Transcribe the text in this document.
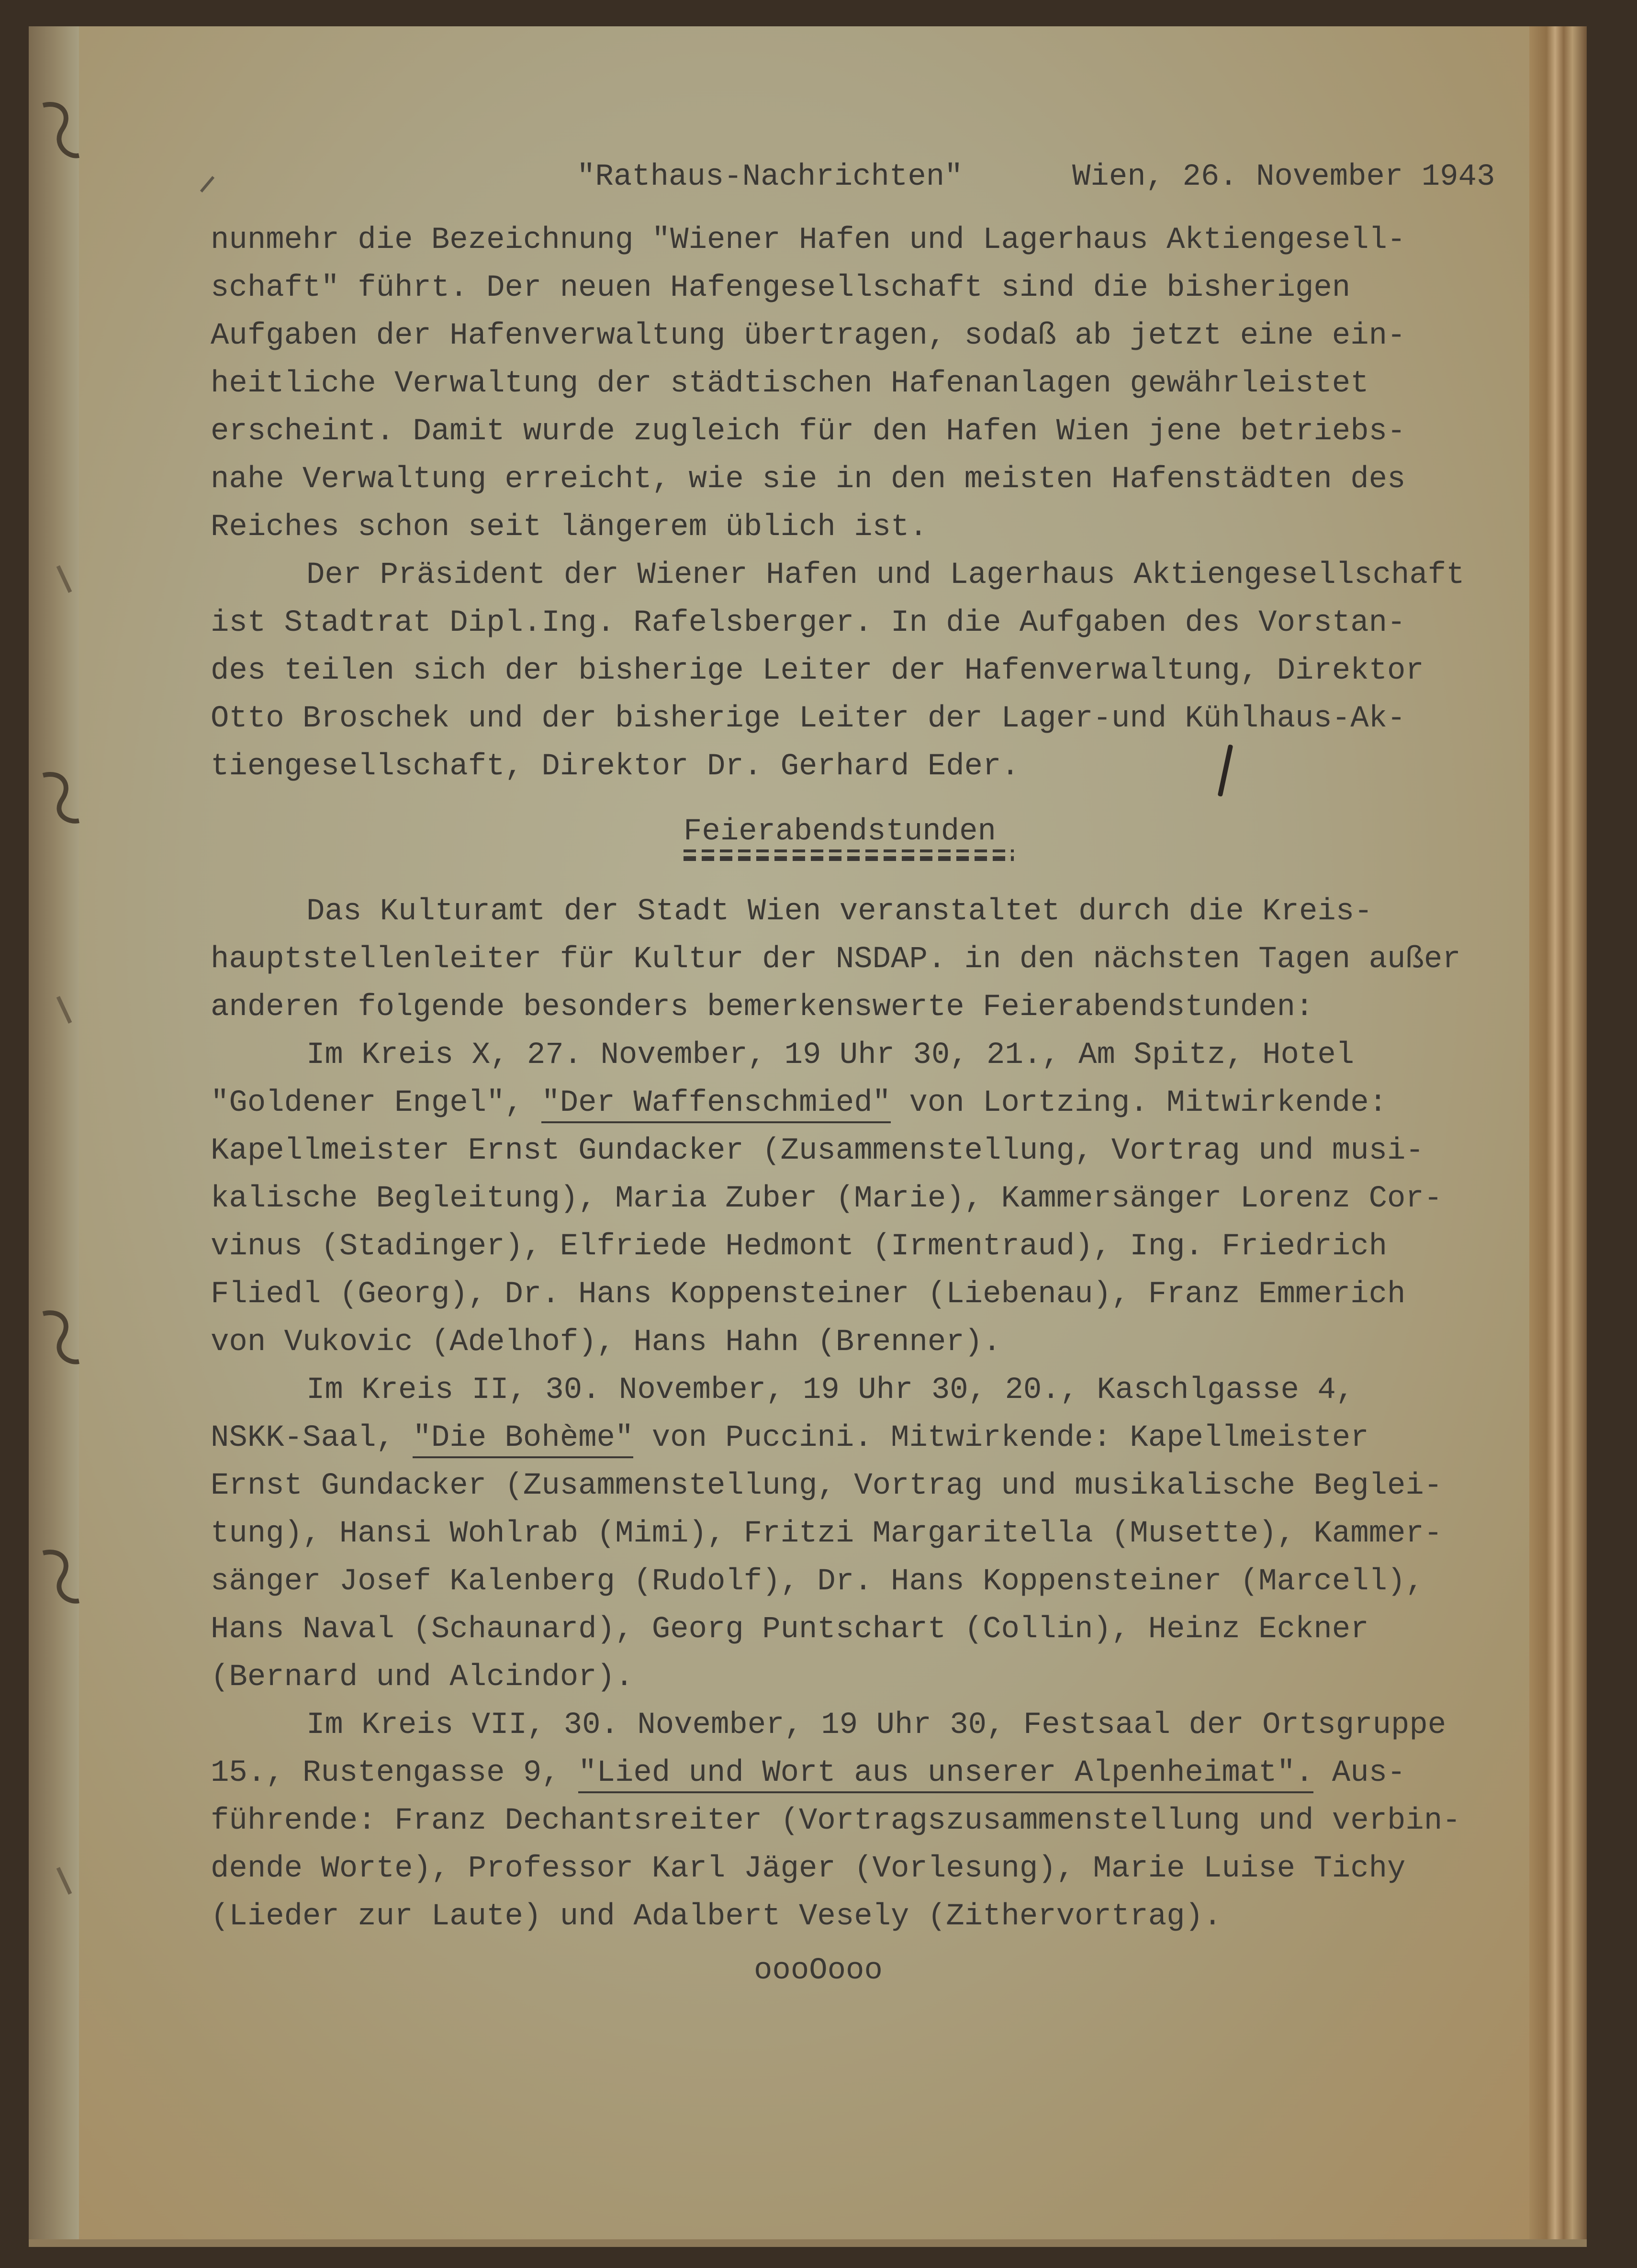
"Rathaus-Nachrichten"	Wien, 26. November 1943
nunmehr die Bezeichnung "Wiener Hafen und Lagerhaus Aktiengesell-
schaft" führt. Der neuen Hafengesellschaft sind die bisherigen
Aufgaben der Hafenverwaltung übertragen, sodaß ab jetzt eine ein-
heitliche Verwaltung der städtischen Hafenanlagen gewährleistet
erscheint. Damit wurde zugleich für den Hafen Wien jene betriebs-
nahe Verwaltung erreicht, wie sie in den meisten Hafenstädten des
Reiches schon seit längerem üblich ist.
Der Präsident der Wiener Hafen und Lagerhaus Aktiengesellschaft
ist Stadtrat Dipl.Ing. Rafelsberger. In die Aufgaben des Vorstan-
des teilen sich der bisherige Leiter der Hafenverwaltung, Direktor
Otto Broschek und der bisherige Leiter der Lager-und Kühlhaus-Ak-
tiengesellschaft, Direktor Dr. Gerhard Eder.
Feierabendstunden
Das Kulturamt der Stadt Wien veranstaltet durch die Kreis-
hauptstellenleiter für Kultur der NSDAP. in den nächsten Tagen außer
anderen folgende besonders bemerkenswerte Feierabendstunden:
Im Kreis X, 27. November, 19 Uhr 30, 21., Am Spitz, Hotel
"Goldener Engel", "Der Waffenschmied" von Lortzing. Mitwirkende:
Kapellmeister Ernst Gundacker (Zusammenstellung, Vortrag und musi-
kalische Begleitung), Maria Zuber (Marie), Kammersänger Lorenz Cor-
vinus (Stadinger), Elfriede Hedmont (Irmentraud), Ing. Friedrich
Fliedl (Georg), Dr. Hans Koppensteiner (Liebenau), Franz Emmerich
von Vukovic (Adelhof), Hans Hahn (Brenner).
Im Kreis II, 30. November, 19 Uhr 30, 20., Kaschlgasse 4,
NSKK-Saal, "Die Bohème" von Puccini. Mitwirkende: Kapellmeister
Ernst Gundacker (Zusammenstellung, Vortrag und musikalische Beglei-
tung), Hansi Wohlrab (Mimi), Fritzi Margaritella (Musette), Kammer-
sänger Josef Kalenberg (Rudolf), Dr. Hans Koppensteiner (Marcell),
Hans Naval (Schaunard), Georg Puntschart (Collin), Heinz Eckner
(Bernard und Alcindor).
Im Kreis VII, 30. November, 19 Uhr 30, Festsaal der Ortsgruppe
15., Rustengasse 9, "Lied und Wort aus unserer Alpenheimat". Aus-
führende: Franz Dechantsreiter (Vortragszusammenstellung und verbin-
dende Worte), Professor Karl Jäger (Vorlesung), Marie Luise Tichy
(Lieder zur Laute) und Adalbert Vesely (Zithervortrag).
oooOooo
